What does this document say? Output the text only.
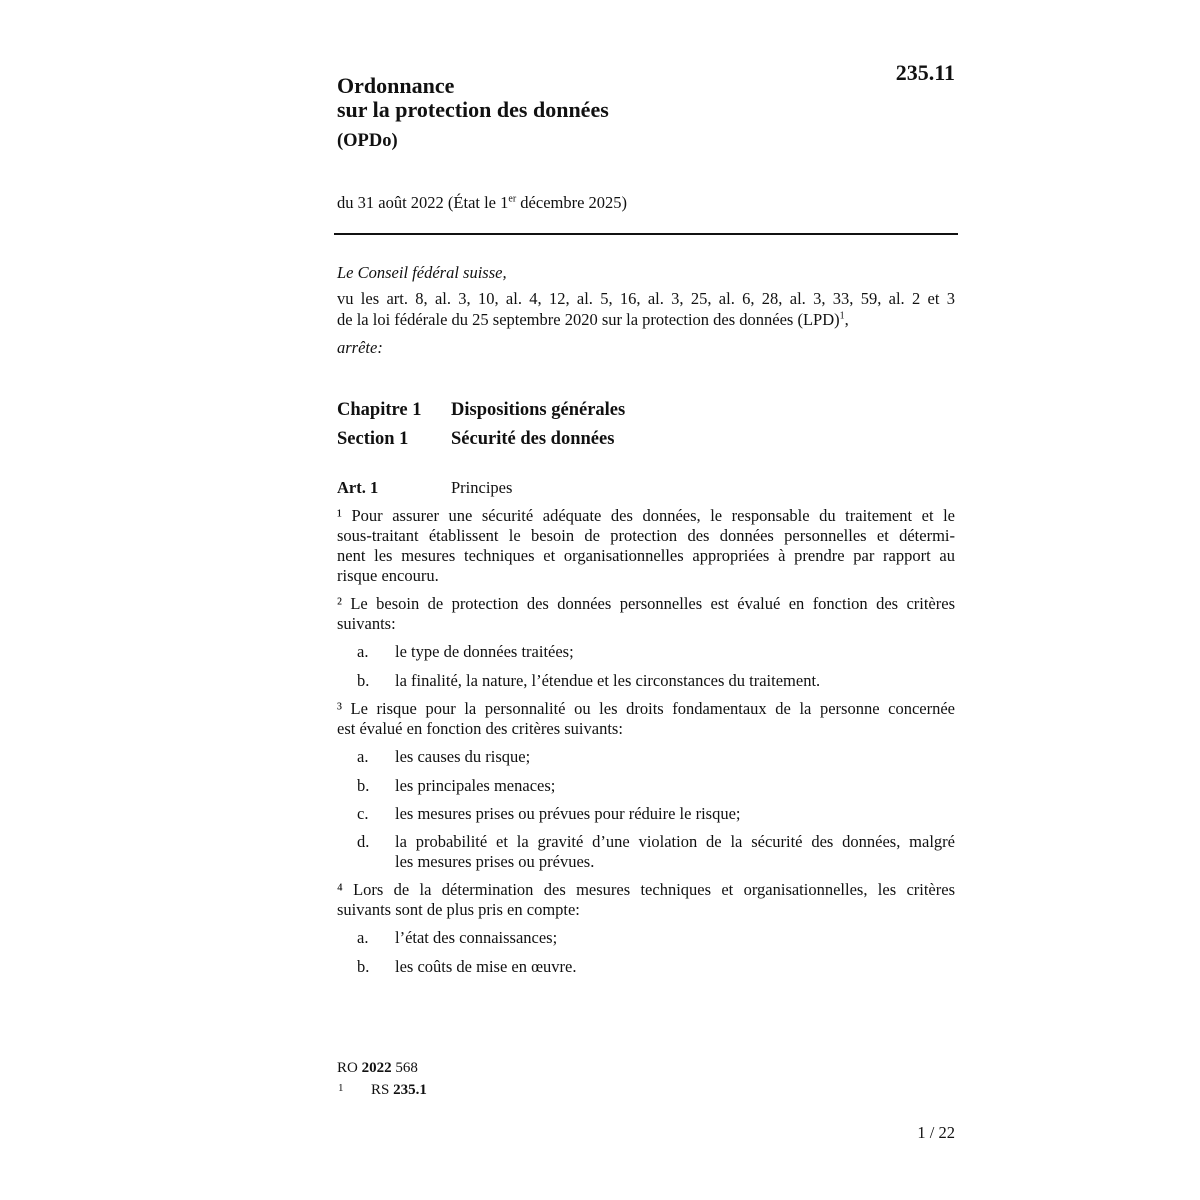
235.11
Ordonnance
sur la protection des données
(OPDo)
du 31 août 2022 (État le 1er décembre 2025)
Le Conseil fédéral suisse,
vu les art. 8, al. 3, 10, al. 4, 12, al. 5, 16, al. 3, 25, al. 6, 28, al. 3, 33, 59, al. 2 et 3
de la loi fédérale du 25 septembre 2020 sur la protection des données (LPD)$^1$,
arrête:
Chapitre 1 Dispositions générales
Section 1 Sécurité des données
Art. 1	Principes
¹ Pour assurer une sécurité adéquate des données, le responsable du traitement et le
sous-traitant établissent le besoin de protection des données personnelles et détermi-
nent les mesures techniques et organisationnelles appropriées à prendre par rapport au
risque encouru.
² Le besoin de protection des données personnelles est évalué en fonction des critères
suivants:
a. le type de données traitées;
b. la finalité, la nature, l’étendue et les circonstances du traitement.
³ Le risque pour la personnalité ou les droits fondamentaux de la personne concernée
est évalué en fonction des critères suivants:
a. les causes du risque;
b. les principales menaces;
c. les mesures prises ou prévues pour réduire le risque;
d. la probabilité et la gravité d’une violation de la sécurité des données, malgré
les mesures prises ou prévues.
⁴ Lors de la détermination des mesures techniques et organisationnelles, les critères
suivants sont de plus pris en compte:
a. l’état des connaissances;
b. les coûts de mise en œuvre.
RO 2022 568
1 RS 235.1
1 / 22
